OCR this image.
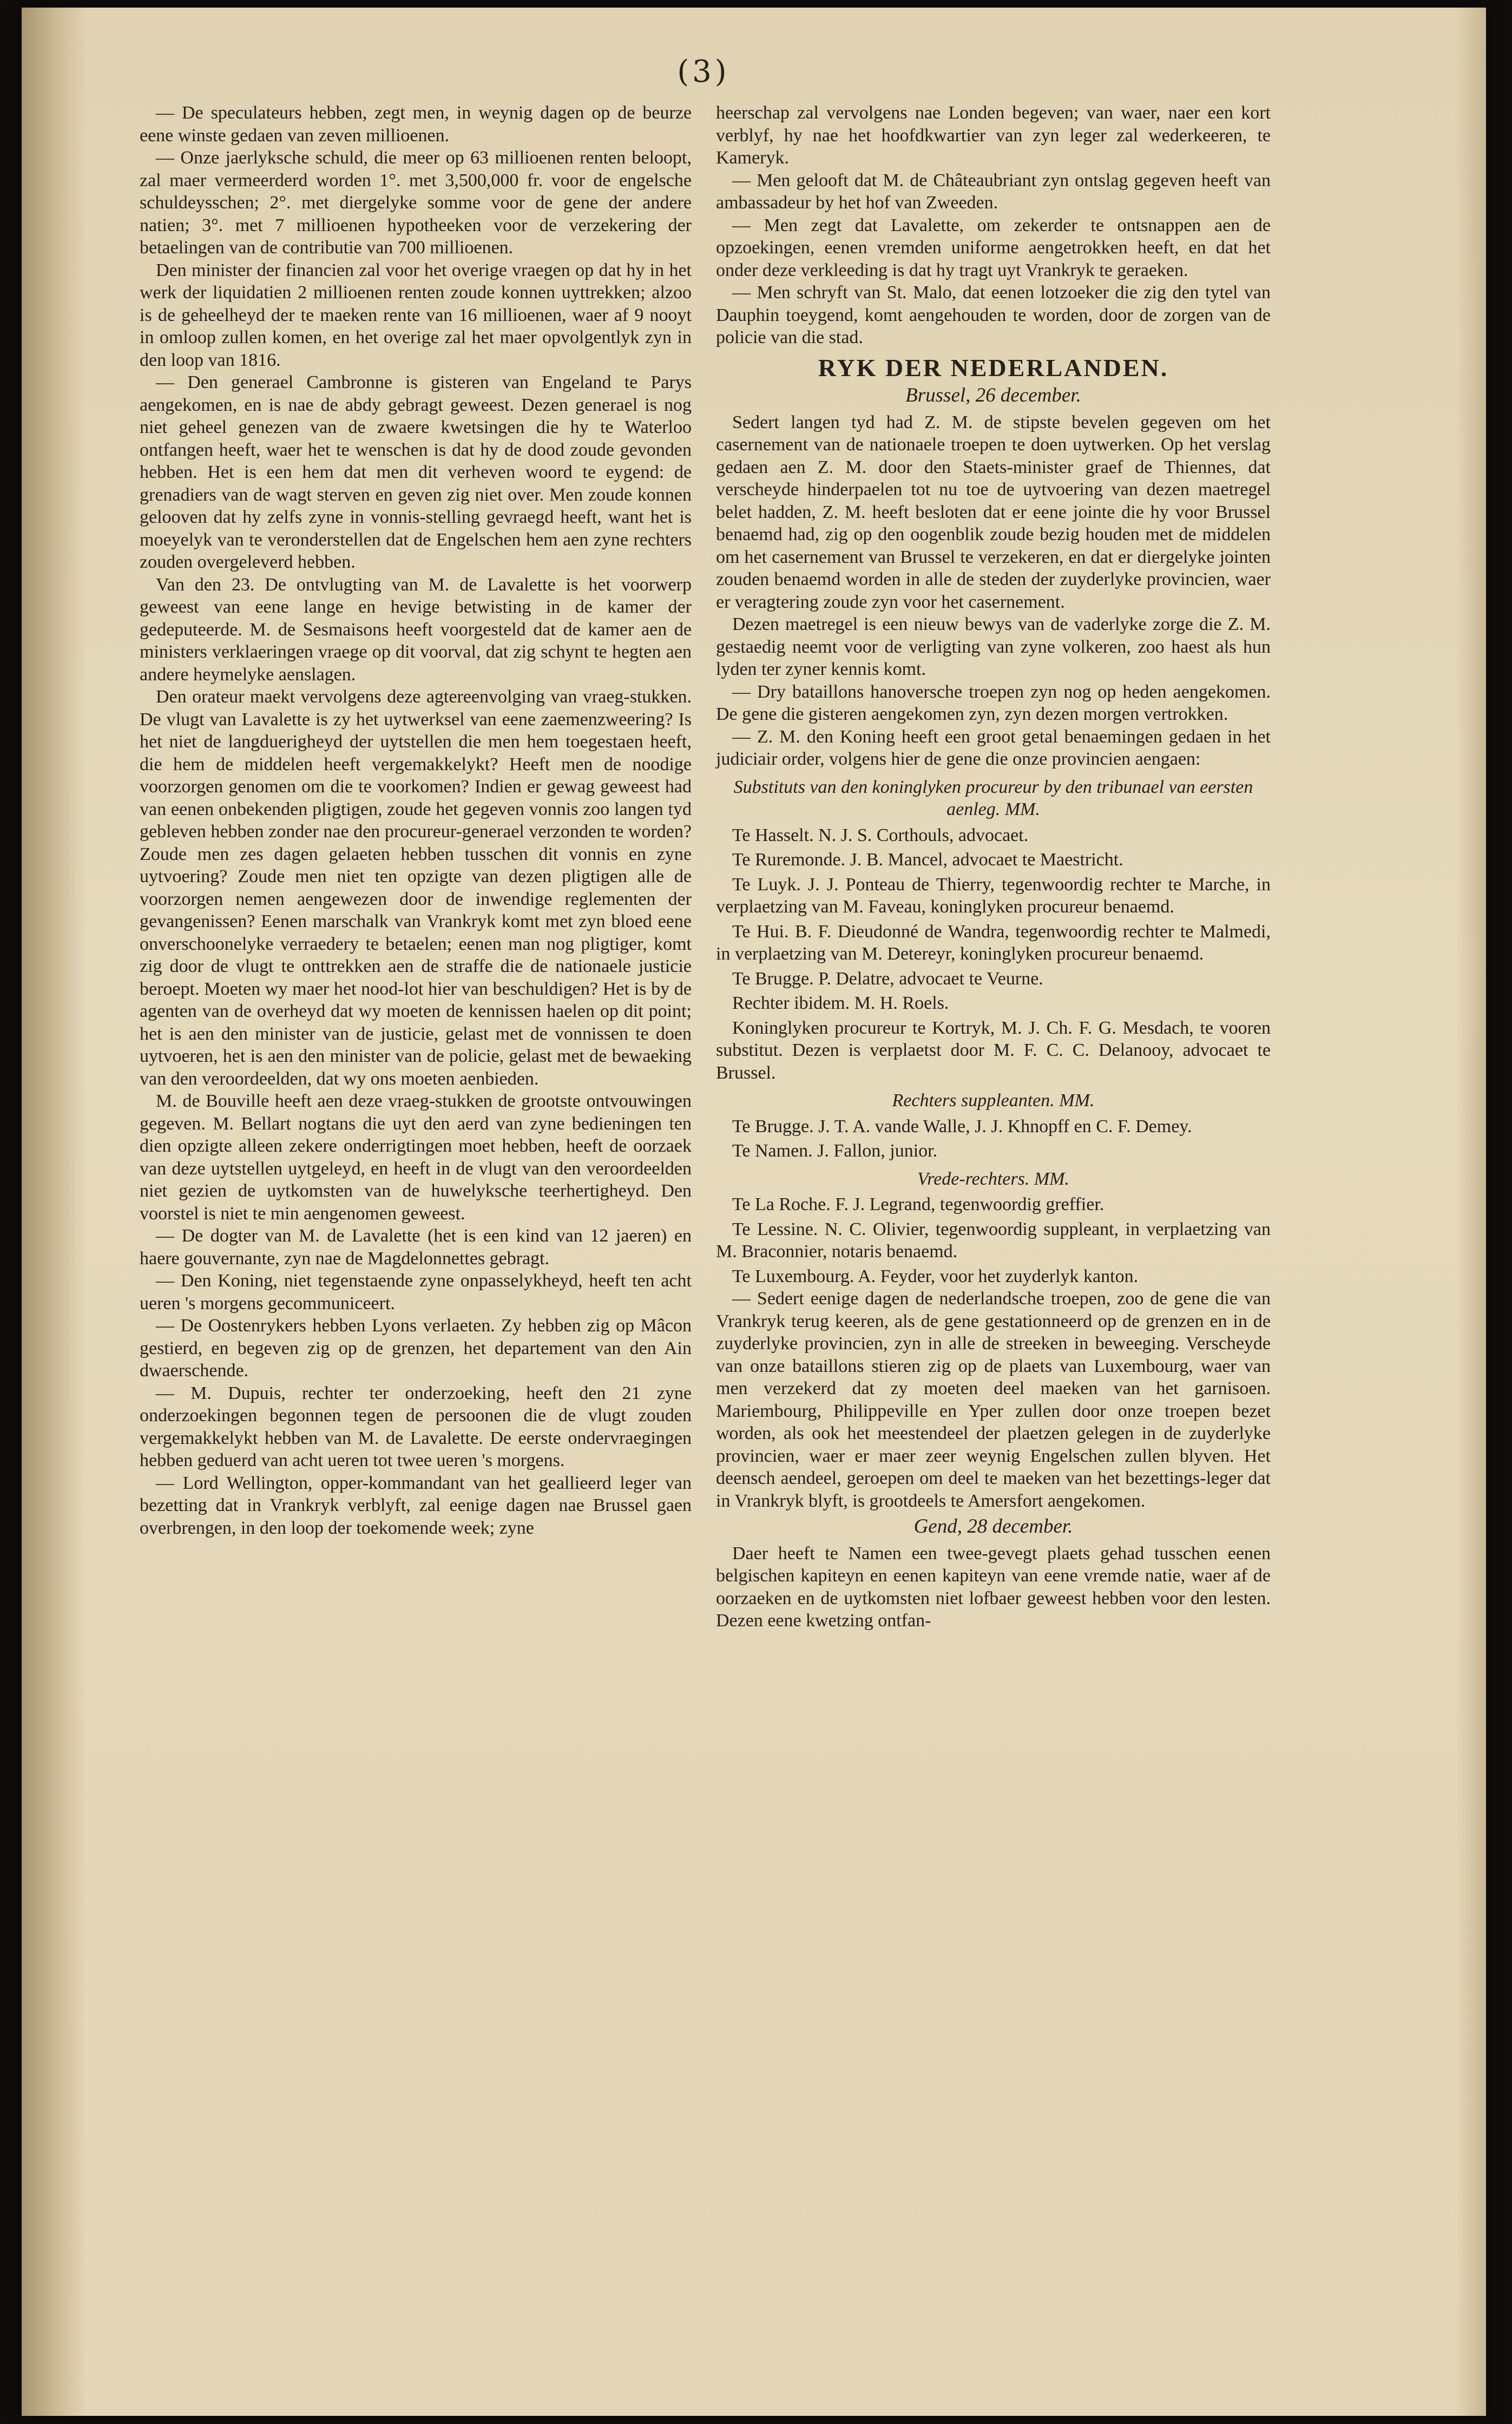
(3)

— De speculateurs hebben, zegt men, in weynig dagen op de beurze eene winste gedaen van zeven millioenen.

— Onze jaerlyksche schuld, die meer op 63 millioenen renten beloopt, zal maer vermeerderd worden 1°. met 3,500,000 fr. voor de engelsche schuldeysschen; 2°. met diergelyke somme voor de gene der andere natien; 3°. met 7 millioenen hypotheeken voor de verzekering der betaelingen van de contributie van 700 millioenen.

Den minister der financien zal voor het overige vraegen op dat hy in het werk der liquidatien 2 millioenen renten zoude konnen uyttrekken; alzoo is de geheelheyd der te maeken rente van 16 millioenen, waer af 9 nooyt in omloop zullen komen, en het overige zal het maer opvolgentlyk zyn in den loop van 1816.

— Den generael Cambronne is gisteren van Engeland te Parys aengekomen, en is nae de abdy gebragt geweest. Dezen generael is nog niet geheel genezen van de zwaere kwetsingen die hy te Waterloo ontfangen heeft, waer het te wenschen is dat hy de dood zoude gevonden hebben. Het is een hem dat men dit verheven woord te eygend: de grenadiers van de wagt sterven en geven zig niet over. Men zoude konnen gelooven dat hy zelfs zyne in vonnis-stelling gevraegd heeft, want het is moeyelyk van te veronderstellen dat de Engelschen hem aen zyne rechters zouden overgeleverd hebben.

Van den 23. De ontvlugting van M. de Lavalette is het voorwerp geweest van eene lange en hevige betwisting in de kamer der gedeputeerde. M. de Sesmaisons heeft voorgesteld dat de kamer aen de ministers verklaeringen vraege op dit voorval, dat zig schynt te hegten aen andere heymelyke aenslagen.

Den orateur maekt vervolgens deze agtereenvolging van vraeg-stukken. De vlugt van Lavalette is zy het uytwerksel van eene zaemenzweering? Is het niet de langduerigheyd der uytstellen die men hem toegestaen heeft, die hem de middelen heeft vergemakkelykt? Heeft men de noodige voorzorgen genomen om die te voorkomen? Indien er gewag geweest had van eenen onbekenden pligtigen, zoude het gegeven vonnis zoo langen tyd gebleven hebben zonder nae den procureur-generael verzonden te worden? Zoude men zes dagen gelaeten hebben tusschen dit vonnis en zyne uytvoering? Zoude men niet ten opzigte van dezen pligtigen alle de voorzorgen nemen aengewezen door de inwendige reglementen der gevangenissen? Eenen marschalk van Vrankryk komt met zyn bloed eene onverschoonelyke verraedery te betaelen; eenen man nog pligtiger, komt zig door de vlugt te onttrekken aen de straffe die de nationaele justicie beroept. Moeten wy maer het nood-lot hier van beschuldigen? Het is by de agenten van de overheyd dat wy moeten de kennissen haelen op dit point; het is aen den minister van de justicie, gelast met de vonnissen te doen uytvoeren, het is aen den minister van de policie, gelast met de bewaeking van den veroordeelden, dat wy ons moeten aenbieden.

M. de Bouville heeft aen deze vraeg-stukken de grootste ontvouwingen gegeven. M. Bellart nogtans die uyt den aerd van zyne bedieningen ten dien opzigte alleen zekere onderrigtingen moet hebben, heeft de oorzaek van deze uytstellen uytgeleyd, en heeft in de vlugt van den veroordeelden niet gezien de uytkomsten van de huwelyksche teerhertigheyd. Den voorstel is niet te min aengenomen geweest.

— De dogter van M. de Lavalette (het is een kind van 12 jaeren) en haere gouvernante, zyn nae de Magdelonnettes gebragt.

— Den Koning, niet tegenstaende zyne onpasselykheyd, heeft ten acht ueren 's morgens gecommuniceert.

— De Oostenrykers hebben Lyons verlaeten. Zy hebben zig op Mâcon gestierd, en begeven zig op de grenzen, het departement van den Ain dwaerschende.

— M. Dupuis, rechter ter onderzoeking, heeft den 21 zyne onderzoekingen begonnen tegen de persoonen die de vlugt zouden vergemakkelykt hebben van M. de Lavalette. De eerste ondervraegingen hebben geduerd van acht ueren tot twee ueren 's morgens.

— Lord Wellington, opper-kommandant van het geallieerd leger van bezetting dat in Vrankryk verblyft, zal eenige dagen nae Brussel gaen overbrengen, in den loop der toekomende week; zyne

heerschap zal vervolgens nae Londen begeven; van waer, naer een kort verblyf, hy nae het hoofdkwartier van zyn leger zal wederkeeren, te Kameryk.

— Men gelooft dat M. de Châteaubriant zyn ontslag gegeven heeft van ambassadeur by het hof van Zweeden.

— Men zegt dat Lavalette, om zekerder te ontsnappen aen de opzoekingen, eenen vremden uniforme aengetrokken heeft, en dat het onder deze verkleeding is dat hy tragt uyt Vrankryk te geraeken.

— Men schryft van St. Malo, dat eenen lotzoeker die zig den tytel van Dauphin toeygend, komt aengehouden te worden, door de zorgen van de policie van die stad.

RYK DER NEDERLANDEN.
Brussel, 26 december.

Sedert langen tyd had Z. M. de stipste bevelen gegeven om het casernement van de nationaele troepen te doen uytwerken. Op het verslag gedaen aen Z. M. door den Staets-minister graef de Thiennes, dat verscheyde hinderpaelen tot nu toe de uytvoering van dezen maetregel belet hadden, Z. M. heeft besloten dat er eene jointe die hy voor Brussel benaemd had, zig op den oogenblik zoude bezig houden met de middelen om het casernement van Brussel te verzekeren, en dat er diergelyke jointen zouden benaemd worden in alle de steden der zuyderlyke provincien, waer er veragtering zoude zyn voor het casernement.

Dezen maetregel is een nieuw bewys van de vaderlyke zorge die Z. M. gestaedig neemt voor de verligting van zyne volkeren, zoo haest als hun lyden ter zyner kennis komt.

— Dry bataillons hanoversche troepen zyn nog op heden aengekomen. De gene die gisteren aengekomen zyn, zyn dezen morgen vertrokken.

— Z. M. den Koning heeft een groot getal benaemingen gedaen in het judiciair order, volgens hier de gene die onze provincien aengaen:

Substituts van den koninglyken procureur by den tribunael van eersten aenleg. MM.

Te Hasselt. N. J. S. Corthouls, advocaet.

Te Ruremonde. J. B. Mancel, advocaet te Maestricht.

Te Luyk. J. J. Ponteau de Thierry, tegenwoordig rechter te Marche, in verplaetzing van M. Faveau, koninglyken procureur benaemd.

Te Hui. B. F. Dieudonné de Wandra, tegenwoordig rechter te Malmedi, in verplaetzing van M. Detereyr, koninglyken procureur benaemd.

Te Brugge. P. Delatre, advocaet te Veurne.

Rechter ibidem. M. H. Roels.

Koninglyken procureur te Kortryk, M. J. Ch. F. G. Mesdach, te vooren substitut. Dezen is verplaetst door M. F. C. C. Delanooy, advocaet te Brussel.

Rechters suppleanten. MM.

Te Brugge. J. T. A. vande Walle, J. J. Khnopff en C. F. Demey.

Te Namen. J. Fallon, junior.

Vrede-rechters. MM.

Te La Roche. F. J. Legrand, tegenwoordig greffier.

Te Lessine. N. C. Olivier, tegenwoordig suppleant, in verplaetzing van M. Braconnier, notaris benaemd.

Te Luxembourg. A. Feyder, voor het zuyderlyk kanton.

— Sedert eenige dagen de nederlandsche troepen, zoo de gene die van Vrankryk terug keeren, als de gene gestationneerd op de grenzen en in de zuyderlyke provincien, zyn in alle de streeken in beweeging. Verscheyde van onze bataillons stieren zig op de plaets van Luxembourg, waer van men verzekerd dat zy moeten deel maeken van het garnisoen. Mariembourg, Philippeville en Yper zullen door onze troepen bezet worden, als ook het meestendeel der plaetzen gelegen in de zuyderlyke provincien, waer er maer zeer weynig Engelschen zullen blyven. Het deensch aendeel, geroepen om deel te maeken van het bezettings-leger dat in Vrankryk blyft, is grootdeels te Amersfort aengekomen.

Gend, 28 december.

Daer heeft te Namen een twee-gevegt plaets gehad tusschen eenen belgischen kapiteyn en eenen kapiteyn van eene vremde natie, waer af de oorzaeken en de uytkomsten niet lofbaer geweest hebben voor den lesten. Dezen eene kwetzing ontfan-
